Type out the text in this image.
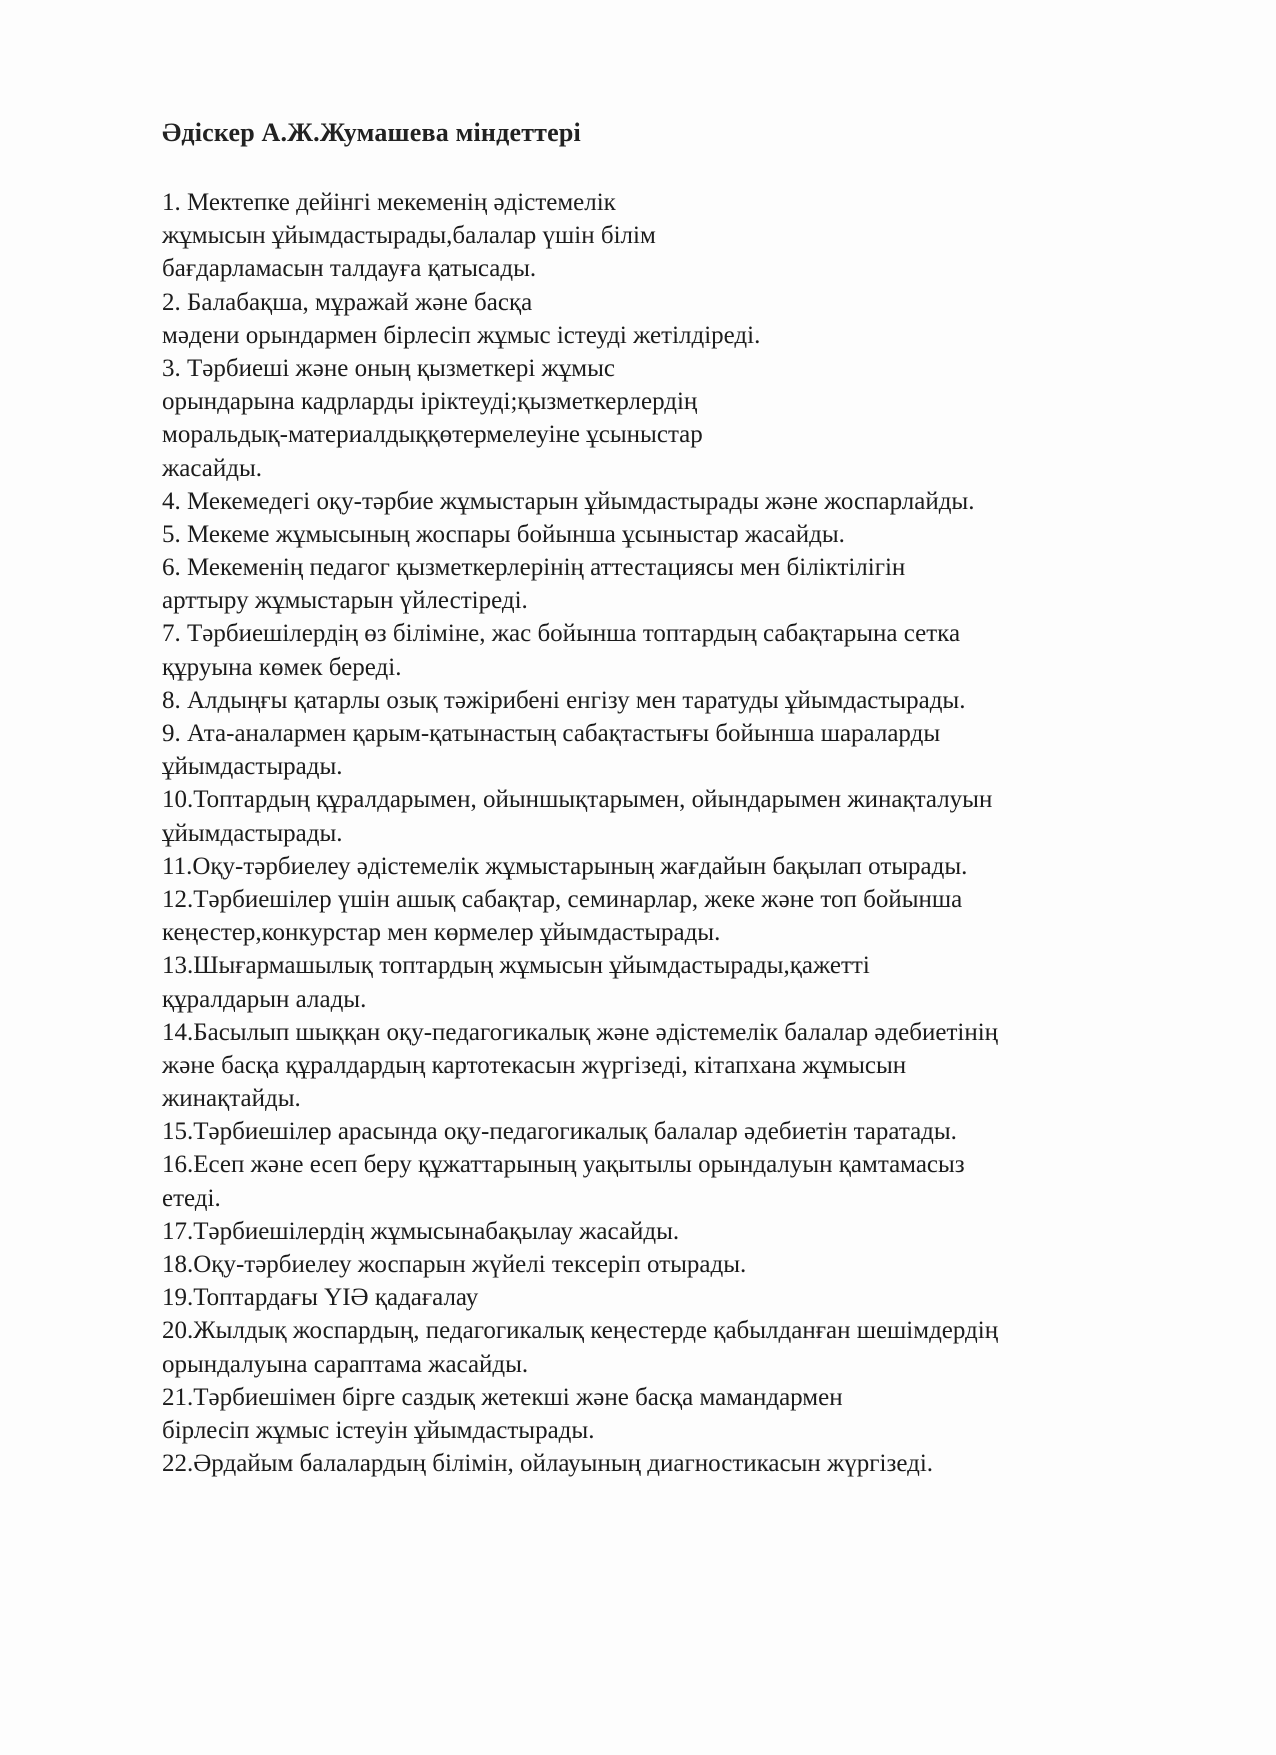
Әдіскер А.Ж.Жумашева міндеттері
1. Мектепке дейінгі мекеменің әдістемелік
жұмысын ұйымдастырады,балалар үшін білім
бағдарламасын талдауға қатысады.
2. Балабақша, мұражай және басқа
мәдени орындармен бірлесіп жұмыс істеуді жетілдіреді.
3. Тәрбиеші және оның қызметкері жұмыс
орындарына кадрларды іріктеуді;қызметкерлердің
моральдық-материалдыққөтермелеуіне ұсыныстар
жасайды.
4. Мекемедегі оқу-тәрбие жұмыстарын ұйымдастырады және жоспарлайды.
5. Мекеме жұмысының жоспары бойынша ұсыныстар жасайды.
6. Мекеменің педагог қызметкерлерінің аттестациясы мен біліктілігін
арттыру жұмыстарын үйлестіреді.
7. Тәрбиешілердің өз біліміне, жас бойынша топтардың сабақтарына сетка
құруына көмек береді.
8. Алдыңғы қатарлы озық тәжірибені енгізу мен таратуды ұйымдастырады.
9. Ата-аналармен қарым-қатынастың сабақтастығы бойынша шараларды
ұйымдастырады.
10.Топтардың құралдарымен, ойыншықтарымен, ойындарымен жинақталуын
ұйымдастырады.
11.Оқу-тәрбиелеу әдістемелік жұмыстарының жағдайын бақылап отырады.
12.Тәрбиешілер үшін ашық сабақтар, семинарлар, жеке және топ бойынша
кеңестер,конкурстар мен көрмелер ұйымдастырады.
13.Шығармашылық топтардың жұмысын ұйымдастырады,қажетті
құралдарын алады.
14.Басылып шыққан оқу-педагогикалық және әдістемелік балалар әдебиетінің
және басқа құралдардың картотекасын жүргізеді, кітапхана жұмысын
жинақтайды.
15.Тәрбиешілер арасында оқу-педагогикалық балалар әдебиетін таратады.
16.Есеп және есеп беру құжаттарының уақытылы орындалуын қамтамасыз
етеді.
17.Тәрбиешілердің жұмысынабақылау жасайды.
18.Оқу-тәрбиелеу жоспарын жүйелі тексеріп отырады.
19.Топтардағы ҮІӘ қадағалау
20.Жылдық жоспардың, педагогикалық кеңестерде қабылданған шешімдердің
орындалуына сараптама жасайды.
21.Тәрбиешімен бірге саздық жетекші және басқа мамандармен
бірлесіп жұмыс істеуін ұйымдастырады.
22.Әрдайым балалардың білімін, ойлауының диагностикасын жүргізеді.
